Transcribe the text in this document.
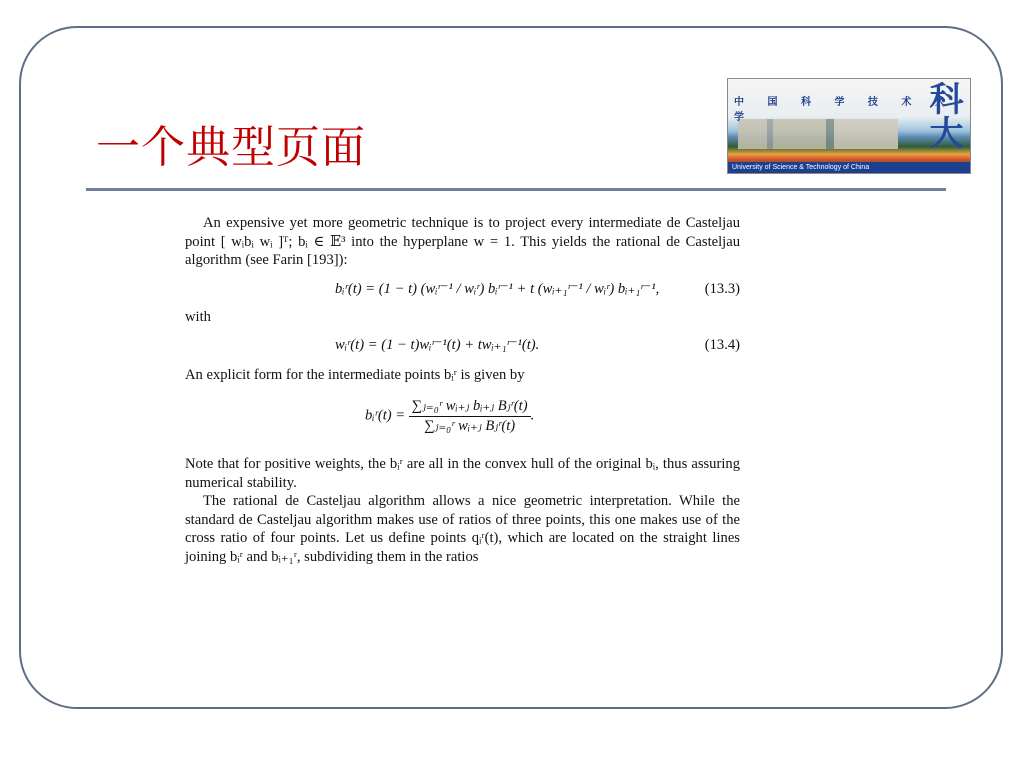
一个典型页面
中 国 科 学 技 术 大 学	科大
University of Science & Technology of China

An expensive yet more geometric technique is to project every intermediate de Casteljau point [ wᵢbᵢ wᵢ ]ᵀ; bᵢ ∈ 𝔼³ into the hyperplane w = 1. This yields the rational de Casteljau algorithm (see Farin [193]):

bᵢʳ(t) = (1 − t) (wᵢʳ⁻¹ / wᵢʳ) bᵢʳ⁻¹ + t (wᵢ₊₁ʳ⁻¹ / wᵢʳ) bᵢ₊₁ʳ⁻¹,	(13.3)

with

wᵢʳ(t) = (1 − t)wᵢʳ⁻¹(t) + twᵢ₊₁ʳ⁻¹(t).	(13.4)

An explicit form for the intermediate points bᵢʳ is given by

bᵢʳ(t) = $\frac{\text{∑ⱼ₌₀ʳ wᵢ₊ⱼ bᵢ₊ⱼ Bⱼʳ(t)}}{\text{∑ⱼ₌₀ʳ wᵢ₊ⱼ Bⱼʳ(t)}}$ .

Note that for positive weights, the bᵢʳ are all in the convex hull of the original bᵢ, thus assuring numerical stability.

The rational de Casteljau algorithm allows a nice geometric interpretation. While the standard de Casteljau algorithm makes use of ratios of three points, this one makes use of the cross ratio of four points. Let us define points qᵢʳ(t), which are located on the straight lines joining bᵢʳ and bᵢ₊₁ʳ, subdividing them in the ratios
